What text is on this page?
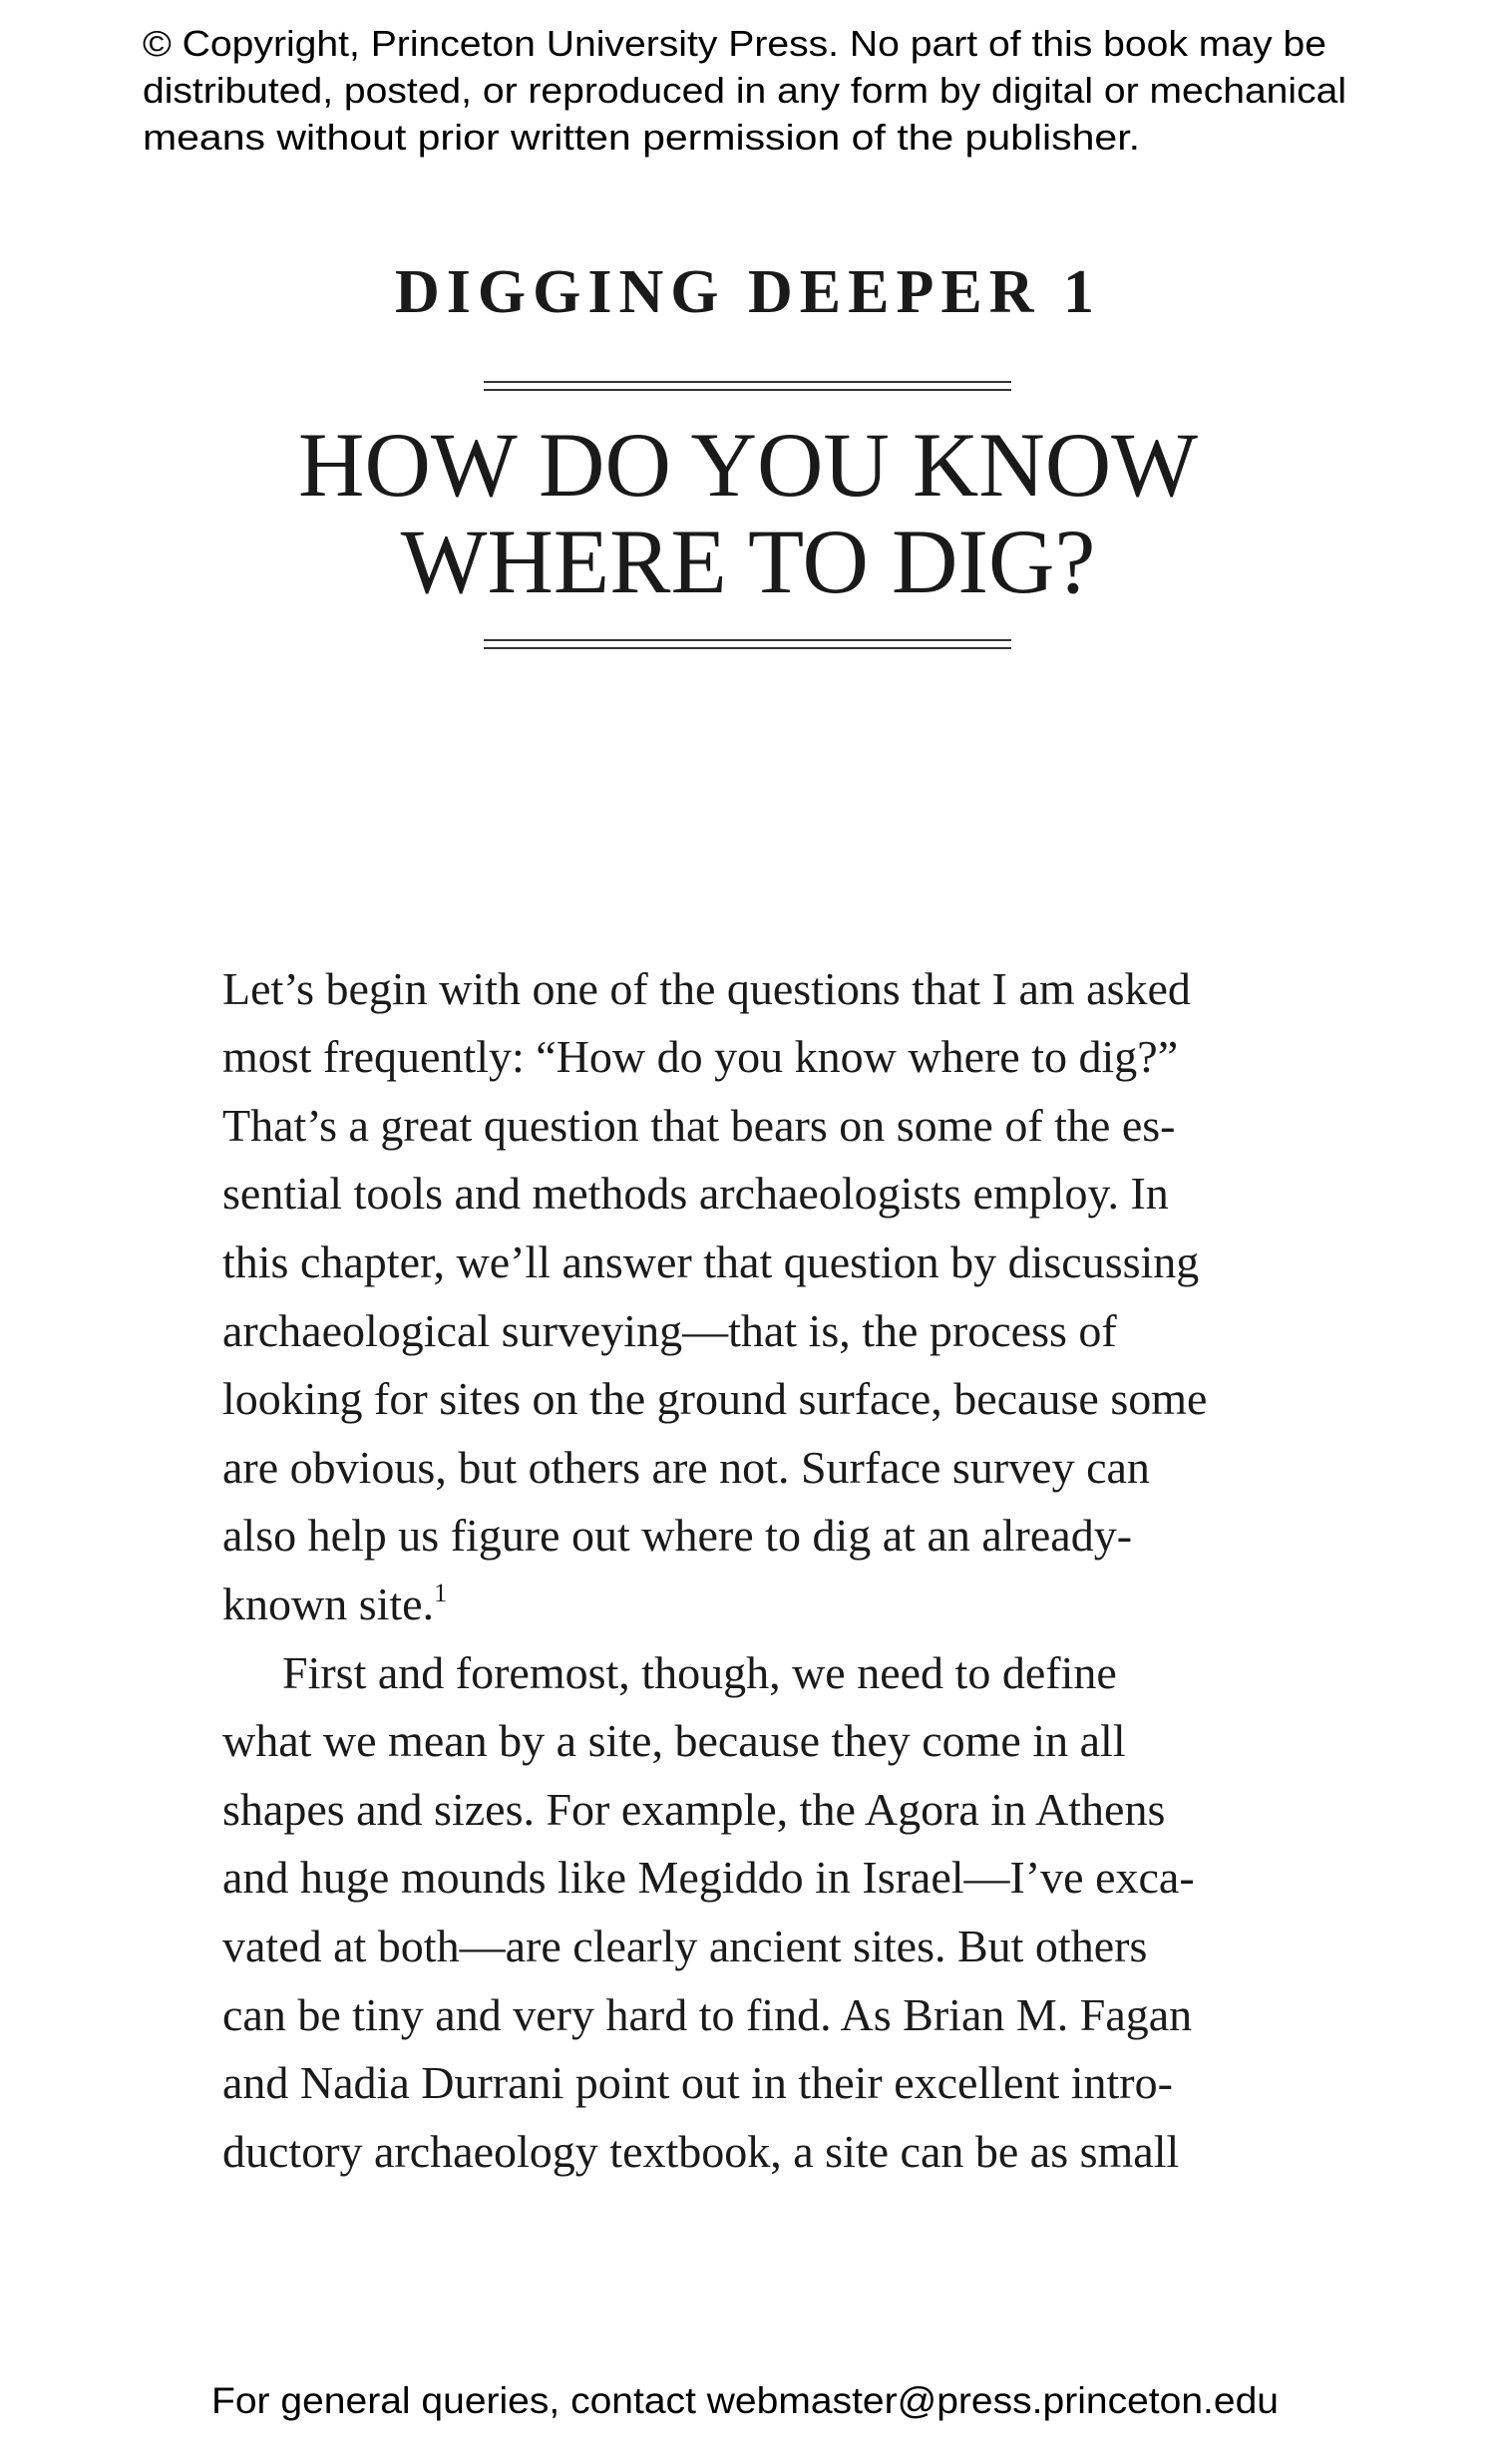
© Copyright, Princeton University Press. No part of this book may be
distributed, posted, or reproduced in any form by digital or mechanical
means without prior written permission of the publisher.
DIGGING DEEPER 1
HOW DO YOU KNOW
WHERE TO DIG?
Let’s begin with one of the questions that I am asked
most frequently: “How do you know where to dig?”
That’s a great question that bears on some of the es-
sential tools and methods archaeologists employ. In
this chapter, we’ll answer that question by discussing
archaeological surveying—that is, the process of
looking for sites on the ground surface, because some
are obvious, but others are not. Surface survey can
also help us figure out where to dig at an already-
known site.$^1$
First and foremost, though, we need to define
what we mean by a site, because they come in all
shapes and sizes. For example, the Agora in Athens
and huge mounds like Megiddo in Israel—I’ve exca-
vated at both—are clearly ancient sites. But others
can be tiny and very hard to find. As Brian M. Fagan
and Nadia Durrani point out in their excellent intro-
ductory archaeology textbook, a site can be as small
For general queries, contact webmaster@press.princeton.edu
